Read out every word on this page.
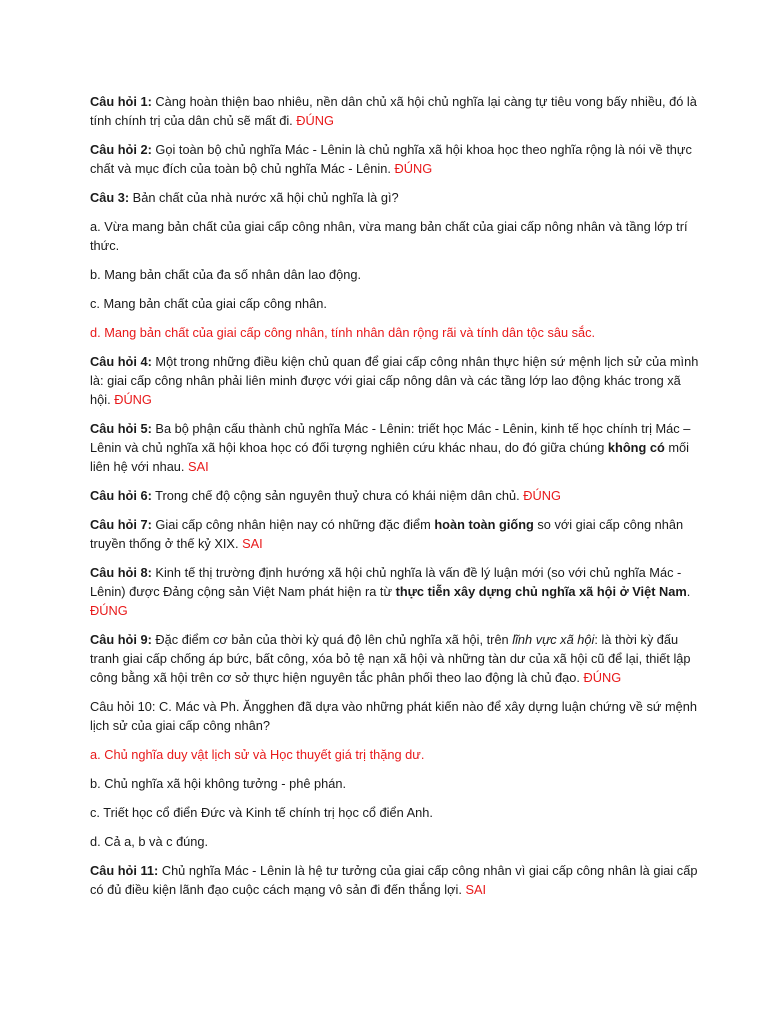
Câu hỏi 1: Càng hoàn thiện bao nhiêu, nền dân chủ xã hội chủ nghĩa lại càng tự tiêu vong bấy nhiều, đó là tính chính trị của dân chủ sẽ mất đi. ĐÚNG

Câu hỏi 2: Gọi toàn bộ chủ nghĩa Mác - Lênin là chủ nghĩa xã hội khoa học theo nghĩa rộng là nói về thực chất và mục đích của toàn bộ chủ nghĩa Mác - Lênin. ĐÚNG

Câu 3: Bản chất của nhà nước xã hội chủ nghĩa là gì?

a. Vừa mang bản chất của giai cấp công nhân, vừa mang bản chất của giai cấp nông nhân và tầng lớp trí thức.

b. Mang bản chất của đa số nhân dân lao động.

c. Mang bản chất của giai cấp công nhân.

d. Mang bản chất của giai cấp công nhân, tính nhân dân rộng rãi và tính dân tộc sâu sắc.

Câu hỏi 4: Một trong những điều kiện chủ quan để giai cấp công nhân thực hiện sứ mệnh lịch sử của mình là: giai cấp công nhân phải liên minh được với giai cấp nông dân và các tầng lớp lao động khác trong xã hội. ĐÚNG

Câu hỏi 5: Ba bộ phận cấu thành chủ nghĩa Mác - Lênin: triết học Mác - Lênin, kinh tế học chính trị Mác – Lênin và chủ nghĩa xã hội khoa học có đối tượng nghiên cứu khác nhau, do đó giữa chúng không có mối liên hệ với nhau. SAI

Câu hỏi 6: Trong chế độ cộng sản nguyên thuỷ chưa có khái niệm dân chủ. ĐÚNG

Câu hỏi 7: Giai cấp công nhân hiện nay có những đặc điểm hoàn toàn giống so với giai cấp công nhân truyền thống ở thế kỷ XIX. SAI

Câu hỏi 8: Kinh tế thị trường định hướng xã hội chủ nghĩa là vấn đề lý luận mới (so với chủ nghĩa Mác - Lênin) được Đảng cộng sản Việt Nam phát hiện ra từ thực tiễn xây dựng chủ nghĩa xã hội ở Việt Nam. ĐÚNG

Câu hỏi 9: Đặc điểm cơ bản của thời kỳ quá độ lên chủ nghĩa xã hội, trên lĩnh vực xã hội: là thời kỳ đấu tranh giai cấp chống áp bức, bất công, xóa bỏ tệ nạn xã hội và những tàn dư của xã hội cũ để lại, thiết lập công bằng xã hội trên cơ sở thực hiện nguyên tắc phân phối theo lao động là chủ đạo. ĐÚNG

Câu hỏi 10: C. Mác và Ph. Ăngghen đã dựa vào những phát kiến nào để xây dựng luận chứng về sứ mệnh lịch sử của giai cấp công nhân?

a. Chủ nghĩa duy vật lịch sử và Học thuyết giá trị thặng dư.

b. Chủ nghĩa xã hội không tưởng - phê phán.

c. Triết học cổ điển Đức và Kinh tế chính trị học cổ điển Anh.

d. Cả a, b và c đúng.

Câu hỏi 11: Chủ nghĩa Mác - Lênin là hệ tư tưởng của giai cấp công nhân vì giai cấp công nhân là giai cấp có đủ điều kiện lãnh đạo cuộc cách mạng vô sản đi đến thắng lợi. SAI
